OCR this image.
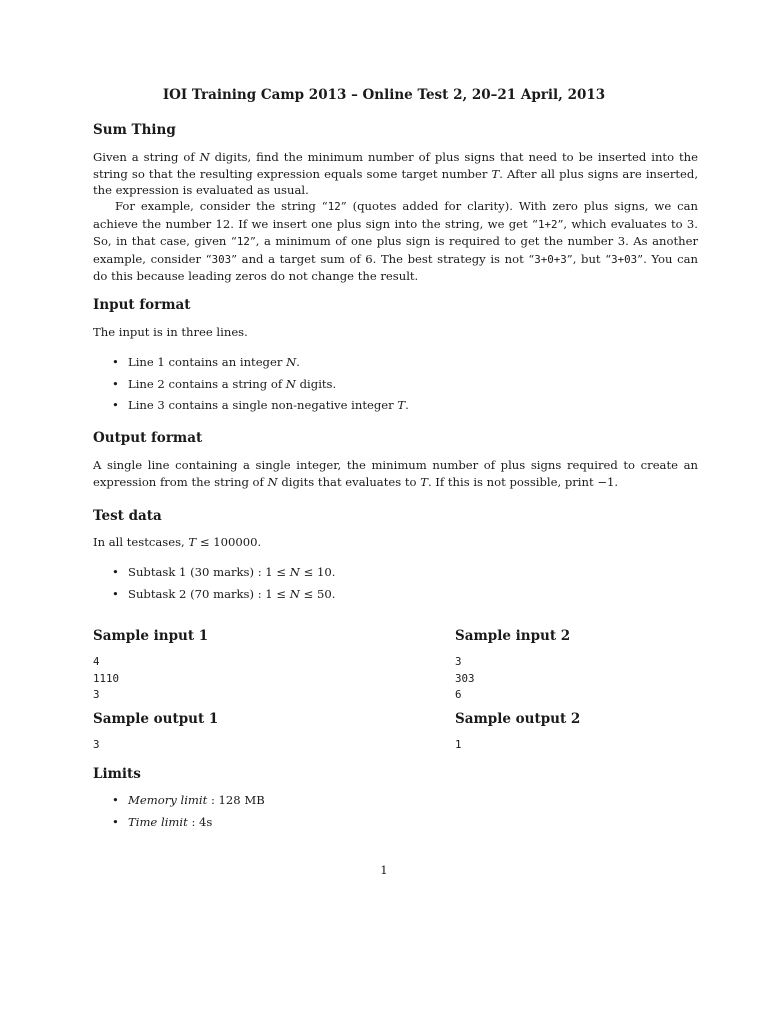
IOI Training Camp 2013 – Online Test 2, 20–21 April, 2013
Sum Thing

Given a string of N digits, find the minimum number of plus signs that need to be inserted into the string so that the resulting expression equals some target number T. After all plus signs are inserted, the expression is evaluated as usual.

For example, consider the string “12” (quotes added for clarity). With zero plus signs, we can achieve the number 12. If we insert one plus sign into the string, we get “1+2”, which evaluates to 3. So, in that case, given “12”, a minimum of one plus sign is required to get the number 3. As another example, consider “303” and a target sum of 6. The best strategy is not “3+0+3”, but “3+03”. You can do this because leading zeros do not change the result.

Input format

The input is in three lines.

• Line 1 contains an integer N.
• Line 2 contains a string of N digits.
• Line 3 contains a single non-negative integer T.
Output format

A single line containing a single integer, the minimum number of plus signs required to create an expression from the string of N digits that evaluates to T. If this is not possible, print −1.

Test data

In all testcases, T ≤ 100000.

• Subtask 1 (30 marks) : 1 ≤ N ≤ 10.
• Subtask 2 (70 marks) : 1 ≤ N ≤ 50.
Sample input 1
4
1110
3
Sample input 2
3
303
6
Sample output 1
3
Sample output 2
1
Limits
• Memory limit : 128 MB
• Time limit : 4s
1
